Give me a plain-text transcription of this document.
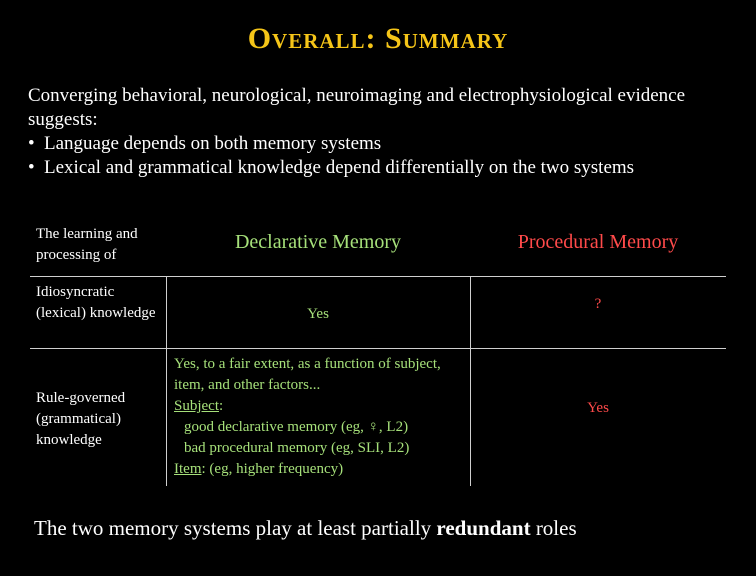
Overall: Summary
Converging behavioral, neurological, neuroimaging and electrophysiological evidence suggests:
• Language depends on both memory systems
• Lexical and grammatical knowledge depend differentially on the two systems
The learning and processing of
Declarative Memory	Procedural Memory
Idiosyncratic (lexical) knowledge	Yes
?
Rule-governed (grammatical) knowledge
Yes, to a fair extent, as a function of subject, item, and other factors...
Subject:
good declarative memory (eg, ♀, L2)
bad procedural memory (eg, SLI, L2)
Item: (eg, higher frequency)
Yes
The two memory systems play at least partially redundant roles
